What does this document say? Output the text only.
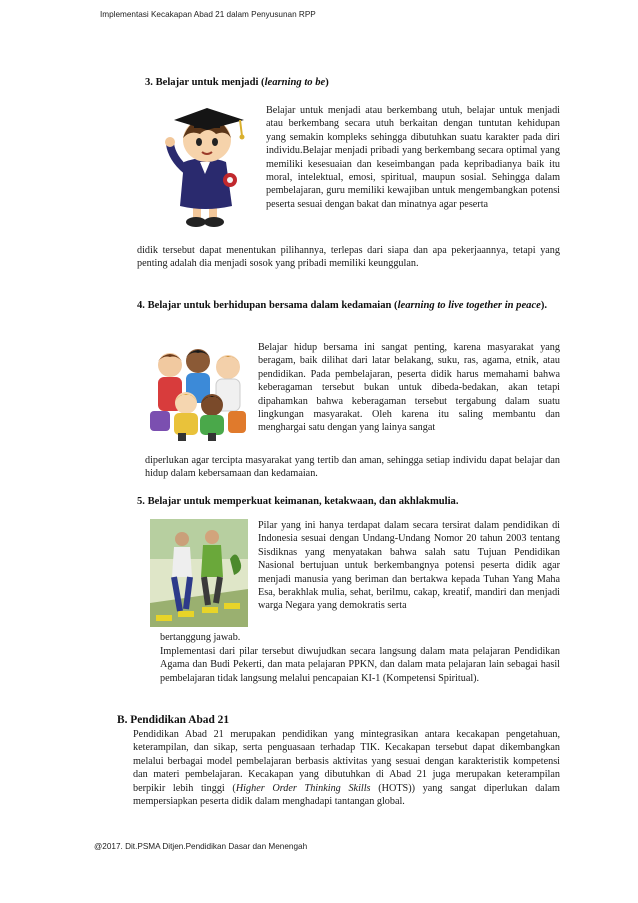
Implementasi Kecakapan Abad 21 dalam Penyusunan RPP
3. Belajar untuk menjadi (learning to be)
Belajar untuk menjadi atau berkembang utuh, belajar untuk menjadi atau berkembang secara utuh berkaitan dengan tuntutan kehidupan yang semakin kompleks sehingga dibutuhkan suatu karakter pada diri individu.Belajar menjadi pribadi yang berkembang secara optimal yang memiliki kesesuaian dan keseimbangan pada kepribadianya baik itu moral, intelektual, emosi, spiritual, maupun sosial. Sehingga dalam pembelajaran, guru memiliki kewajiban untuk mengembangkan potensi peserta sesuai dengan bakat dan minatnya agar peserta
didik tersebut dapat menentukan pilihannya, terlepas dari siapa dan apa pekerjaannya, tetapi yang penting adalah dia menjadi sosok yang pribadi memiliki keunggulan.
4. Belajar untuk berhidupan bersama dalam kedamaian (learning to live together in peace).
Belajar hidup bersama ini sangat penting, karena masyarakat yang beragam, baik dilihat dari latar belakang, suku, ras, agama, etnik, atau pendidikan. Pada pembelajaran, peserta didik harus memahami bahwa keberagaman tersebut bukan untuk dibeda-bedakan, akan tetapi dipahamkan bahwa keberagaman tersebut tergabung dalam suatu lingkungan masyarakat. Oleh karena itu saling membantu dan menghargai satu dengan yang lainya sangat
diperlukan agar tercipta masyarakat yang tertib dan aman, sehingga setiap individu dapat belajar dan hidup dalam kebersamaan dan kedamaian.
5. Belajar untuk memperkuat keimanan, ketakwaan, dan akhlakmulia.
Pilar yang ini hanya terdapat dalam secara tersirat dalam pendidikan di Indonesia sesuai dengan Undang-Undang Nomor 20 tahun 2003 tentang Sisdiknas yang menyatakan bahwa salah satu Tujuan Pendidikan Nasional bertujuan untuk berkembangnya potensi peserta didik agar menjadi manusia yang beriman dan bertakwa kepada Tuhan Yang Maha Esa, berakhlak mulia, sehat, berilmu, cakap, kreatif, mandiri dan menjadi warga Negara yang demokratis serta
bertanggung jawab.
Implementasi dari pilar tersebut diwujudkan secara langsung dalam mata pelajaran Pendidikan Agama dan Budi Pekerti, dan mata pelajaran PPKN, dan dalam mata pelajaran lain sebagai hasil pembelajaran tidak langsung melalui pencapaian KI-1 (Kompetensi Spiritual).
B. Pendidikan Abad 21
Pendidikan Abad 21 merupakan pendidikan yang mintegrasikan antara kecakapan pengetahuan, keterampilan, dan sikap, serta penguasaan terhadap TIK. Kecakapan tersebut dapat dikembangkan melalui berbagai model pembelajaran berbasis aktivitas yang sesuai dengan karakteristik kompetensi dan materi pembelajaran. Kecakapan yang dibutuhkan di Abad 21 juga merupakan keterampilan berpikir lebih tinggi (Higher Order Thinking Skills (HOTS)) yang sangat diperlukan dalam mempersiapkan peserta didik dalam menghadapi tantangan global.
@2017. Dit.PSMA Ditjen.Pendidikan Dasar dan Menengah
